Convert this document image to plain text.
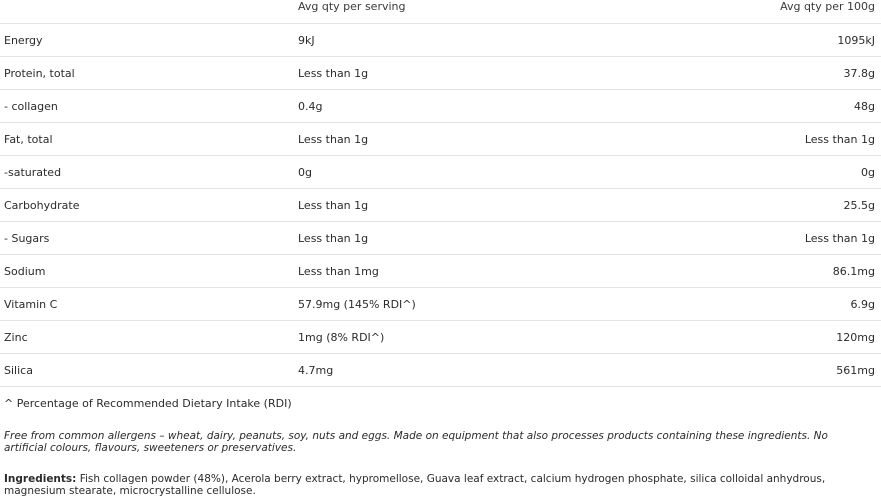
	Avg qty per serving	Avg qty per 100g
Energy	9kJ	1095kJ
Protein, total	Less than 1g	37.8g
- collagen	0.4g	48g
Fat, total	Less than 1g	Less than 1g
-saturated	0g	0g
Carbohydrate	Less than 1g	25.5g
- Sugars	Less than 1g	Less than 1g
Sodium	Less than 1mg	86.1mg
Vitamin C	57.9mg (145% RDI^)	6.9g
Zinc	1mg (8% RDI^)	120mg
Silica	4.7mg	561mg
^ Percentage of Recommended Dietary Intake (RDI)
Free from common allergens – wheat, dairy, peanuts, soy, nuts and eggs. Made on equipment that also processes products containing these ingredients. No artificial colours, flavours, sweeteners or preservatives.
Ingredients: Fish collagen powder (48%), Acerola berry extract, hypromellose, Guava leaf extract, calcium hydrogen phosphate, silica colloidal anhydrous, magnesium stearate, microcrystalline cellulose.
